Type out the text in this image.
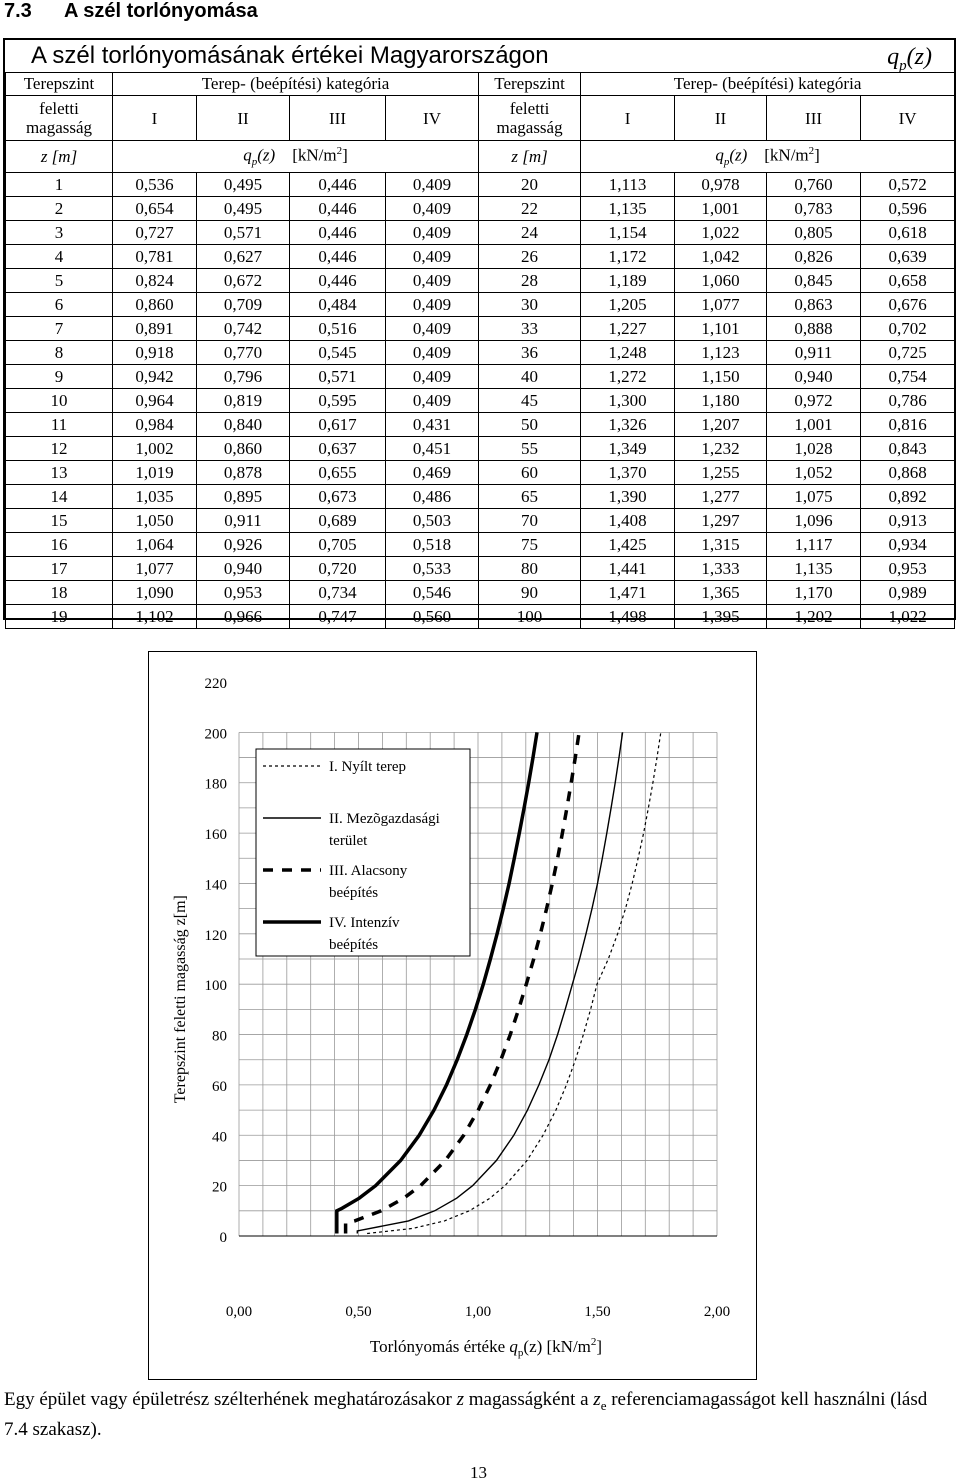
7.3 A szél torlónyomása
A szél torlónyomásának értékei Magyarországon	$q_p(z)$
Terepszint	Terep- (beépítési) kategória				Terepszint	Terep- (beépítési) kategória			
feletti magasság	I	II	III	IV	feletti magasság	I	II	III	IV
z [m]	$q_p(z)$ $[kN/m^2]$				z [m]	$q_p(z)$ $[kN/m^2]$			
1	0,536	0,495	0,446	0,409	20	1,113	0,978	0,760	0,572
2	0,654	0,495	0,446	0,409	22	1,135	1,001	0,783	0,596
3	0,727	0,571	0,446	0,409	24	1,154	1,022	0,805	0,618
4	0,781	0,627	0,446	0,409	26	1,172	1,042	0,826	0,639
5	0,824	0,672	0,446	0,409	28	1,189	1,060	0,845	0,658
6	0,860	0,709	0,484	0,409	30	1,205	1,077	0,863	0,676
7	0,891	0,742	0,516	0,409	33	1,227	1,101	0,888	0,702
8	0,918	0,770	0,545	0,409	36	1,248	1,123	0,911	0,725
9	0,942	0,796	0,571	0,409	40	1,272	1,150	0,940	0,754
10	0,964	0,819	0,595	0,409	45	1,300	1,180	0,972	0,786
11	0,984	0,840	0,617	0,431	50	1,326	1,207	1,001	0,816
12	1,002	0,860	0,637	0,451	55	1,349	1,232	1,028	0,843
13	1,019	0,878	0,655	0,469	60	1,370	1,255	1,052	0,868
14	1,035	0,895	0,673	0,486	65	1,390	1,277	1,075	0,892
15	1,050	0,911	0,689	0,503	70	1,408	1,297	1,096	0,913
16	1,064	0,926	0,705	0,518	75	1,425	1,315	1,117	0,934
17	1,077	0,940	0,720	0,533	80	1,441	1,333	1,135	0,953
18	1,090	0,953	0,734	0,546	90	1,471	1,365	1,170	0,989
19	1,102	0,966	0,747	0,560	100	1,498	1,395	1,202	1,022
0
20
40
60
80
100
120
140
160
180
200
220
0,00	0,50	1,00	1,50	2,00
Torlónyomás értéke $q_p(z)$ $[kN/m^2]$
Terepszint feletti magasság z[m]
I. Nyílt terep
II. Mezõgazdasági
terület
III. Alacsony
beépítés
IV. Intenzív
beépítés
Egy épület vagy épületrész szélterhének meghatározásakor z magasságként a $z_e$ referenciamagasságot kell használni (lásd 7.4 szakasz).
13
